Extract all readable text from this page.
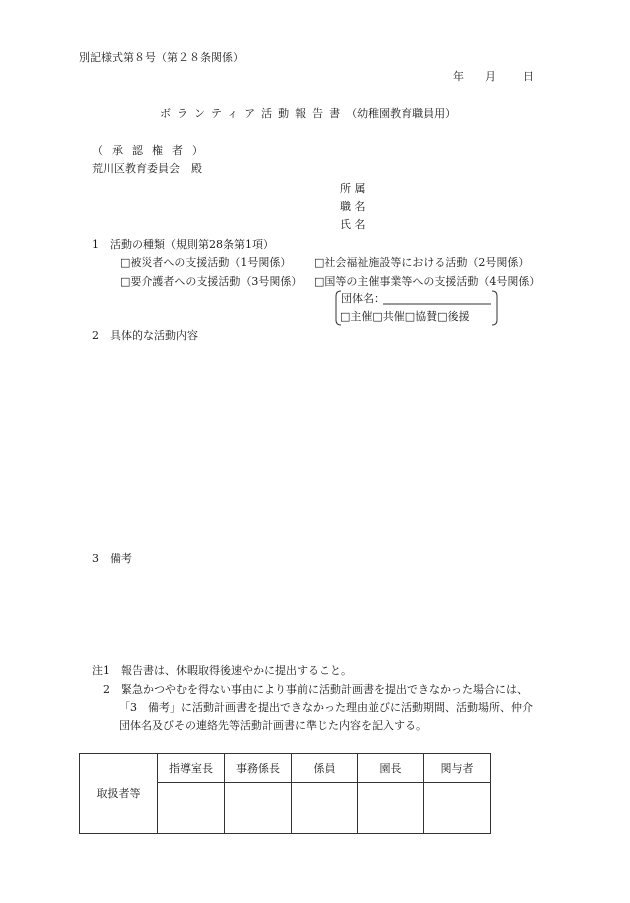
別記様式第８号（第２８条関係）
年 月 日
ボランティア活動報告書（幼稚園教育職員用）
（承認権者）
荒川区教育委員会　殿
所 属
職 名
氏 名
1　活動の種類（規則第28条第1項）
□被災者への支援活動（1号関係） □社会福祉施設等における活動（2号関係）
□要介護者への支援活動（3号関係） □国等の主催事業等への支援活動（4号関係）
団体名：
□主催□共催□協賛□後援
2　具体的な活動内容
3　備考
注1　報告書は、休暇取得後速やかに提出すること。
2　緊急かつやむを得ない事由により事前に活動計画書を提出できなかった場合には、
「3　備考」に活動計画書を提出できなかった理由並びに活動期間、活動場所、仲介
団体名及びその連絡先等活動計画書に準じた内容を記入する。
取扱者等	指導室長	事務係長	係員	園長	関与者
